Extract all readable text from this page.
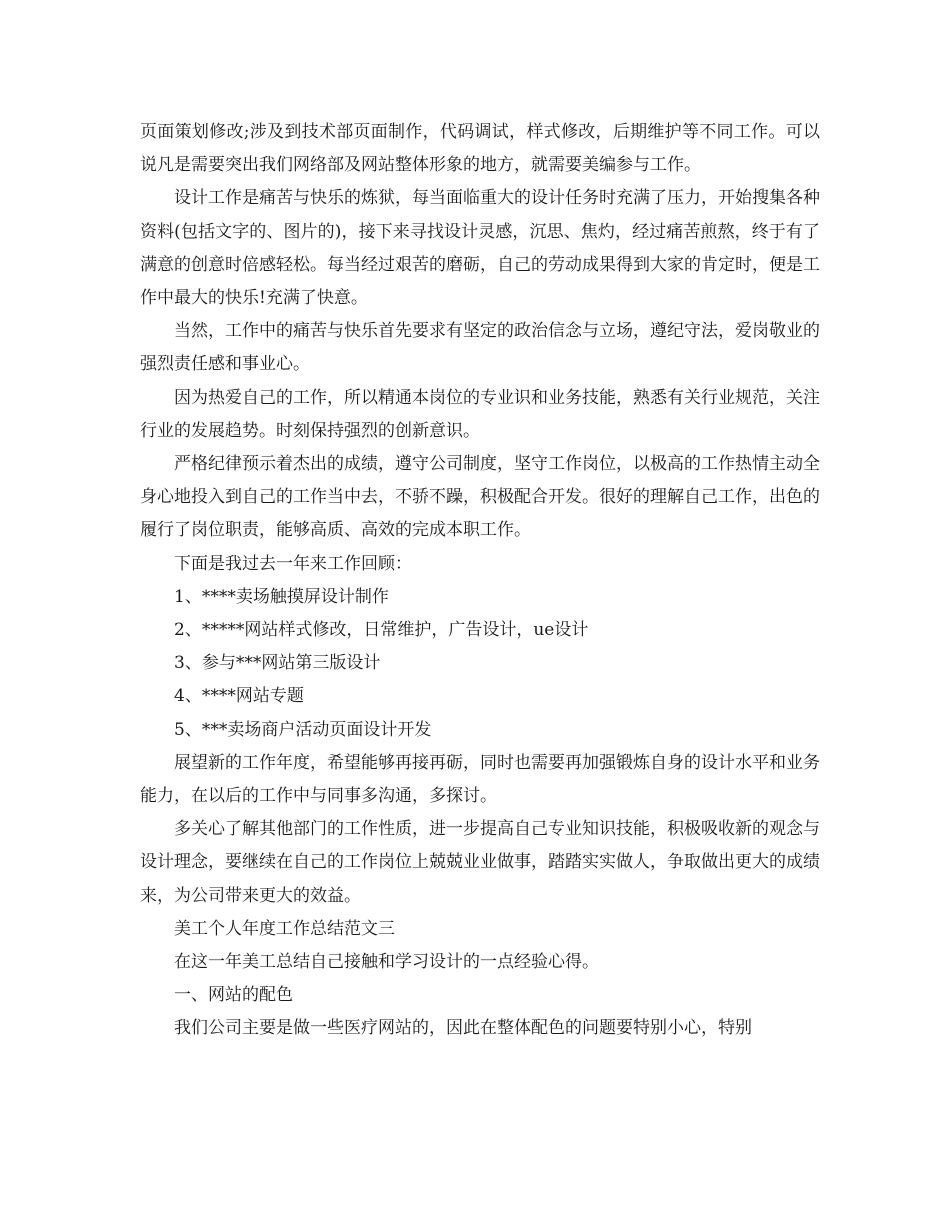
页面策划修改;涉及到技术部页面制作，代码调试，样式修改，后期维护等不同工作。可以说凡是需要突出我们网络部及网站整体形象的地方，就需要美编参与工作。

设计工作是痛苦与快乐的炼狱，每当面临重大的设计任务时充满了压力，开始搜集各种资料(包括文字的、图片的)，接下来寻找设计灵感，沉思、焦灼，经过痛苦煎熬，终于有了满意的创意时倍感轻松。每当经过艰苦的磨砺，自己的劳动成果得到大家的肯定时，便是工作中最大的快乐!充满了快意。

当然，工作中的痛苦与快乐首先要求有坚定的政治信念与立场，遵纪守法，爱岗敬业的强烈责任感和事业心。

因为热爱自己的工作，所以精通本岗位的专业识和业务技能，熟悉有关行业规范，关注行业的发展趋势。时刻保持强烈的创新意识。

严格纪律预示着杰出的成绩，遵守公司制度，坚守工作岗位，以极高的工作热情主动全身心地投入到自己的工作当中去，不骄不躁，积极配合开发。很好的理解自己工作，出色的履行了岗位职责，能够高质、高效的完成本职工作。

下面是我过去一年来工作回顾：

1、****卖场触摸屏设计制作

2、*****网站样式修改，日常维护，广告设计，ue设计

3、参与***网站第三版设计

4、****网站专题

5、***卖场商户活动页面设计开发

展望新的工作年度，希望能够再接再砺，同时也需要再加强锻炼自身的设计水平和业务能力，在以后的工作中与同事多沟通，多探讨。

多关心了解其他部门的工作性质，进一步提高自己专业知识技能，积极吸收新的观念与设计理念，要继续在自己的工作岗位上兢兢业业做事，踏踏实实做人，争取做出更大的成绩来，为公司带来更大的效益。

美工个人年度工作总结范文三

在这一年美工总结自己接触和学习设计的一点经验心得。

一、网站的配色

我们公司主要是做一些医疗网站的，因此在整体配色的问题要特别小心，特别
